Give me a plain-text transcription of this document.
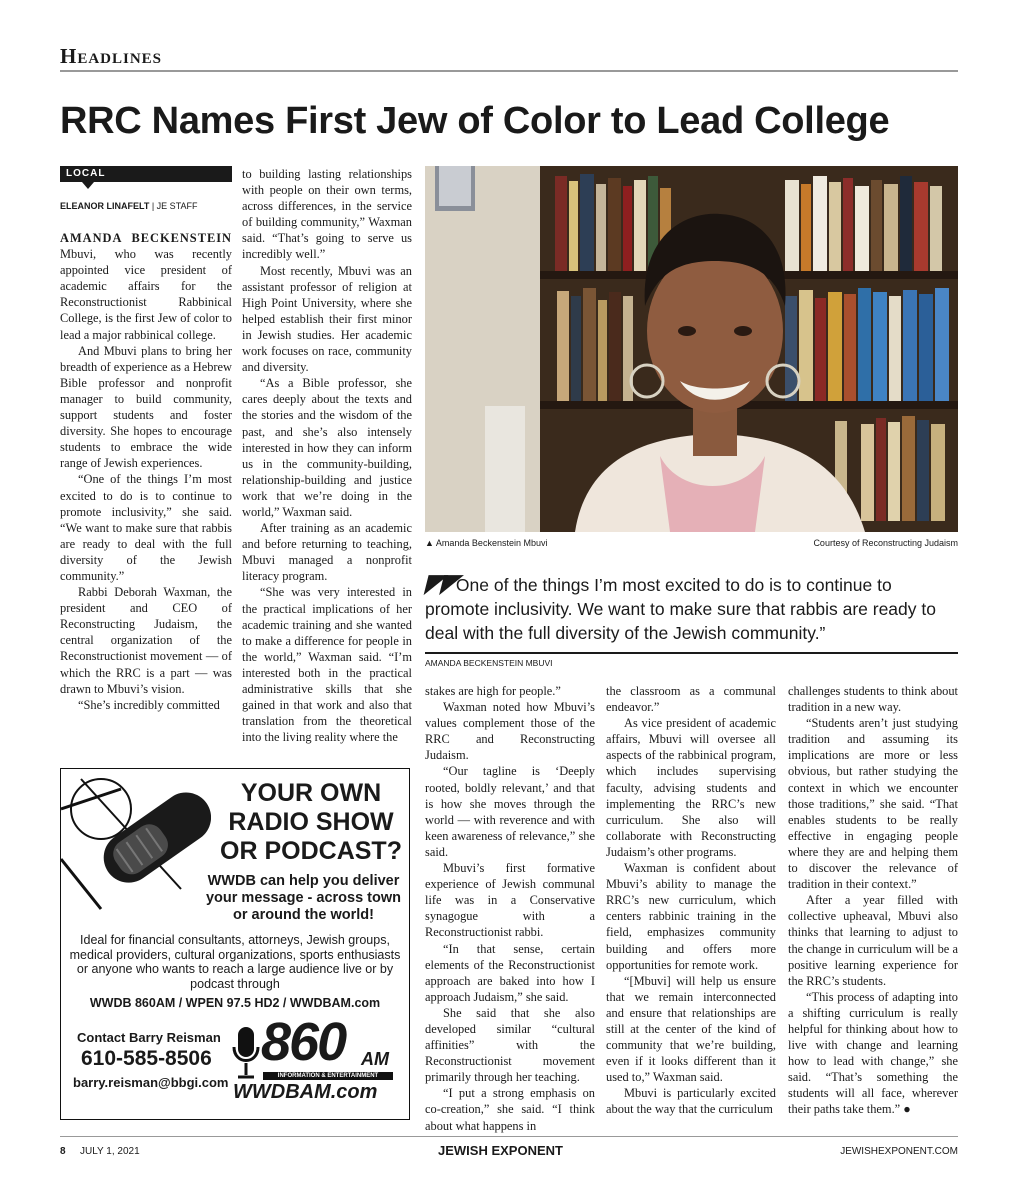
Headlines
RRC Names First Jew of Color to Lead College
LOCAL
ELEANOR LINAFELT | JE STAFF

AMANDA BECKENSTEIN Mbuvi, who was recently appointed vice president of academic affairs for the Reconstructionist Rabbinical College, is the first Jew of color to lead a major rabbinical college.

And Mbuvi plans to bring her breadth of experience as a Hebrew Bible professor and nonprofit manager to build community, support students and foster diversity. She hopes to encourage students to embrace the wide range of Jewish experiences.

“One of the things I’m most excited to do is to continue to promote inclusivity,” she said. “We want to make sure that rabbis are ready to deal with the full diversity of the Jewish community.”

Rabbi Deborah Waxman, the president and CEO of Reconstructing Judaism, the central organization of the Reconstructionist movement — of which the RRC is a part — was drawn to Mbuvi’s vision.

“She’s incredibly committed

to building lasting relationships with people on their own terms, across differences, in the service of building community,” Waxman said. “That’s going to serve us incredibly well.”

Most recently, Mbuvi was an assistant professor of religion at High Point University, where she helped establish their first minor in Jewish studies. Her academic work focuses on race, community and diversity.

“As a Bible professor, she cares deeply about the texts and the stories and the wisdom of the past, and she’s also intensely interested in how they can inform us in the community-building, relationship-building and justice work that we’re doing in the world,” Waxman said.

After training as an academic and before returning to teaching, Mbuvi managed a nonprofit literacy program.

“She was very interested in the practical implications of her academic training and she wanted to make a difference for people in the world,” Waxman said. “I’m interested both in the practical administrative skills that she gained in that work and also that translation from the theoretical into the living reality where the

▲ Amanda Beckenstein Mbuvi	Courtesy of Reconstructing Judaism
◤◤One of the things I’m most excited to do is to continue to promote inclusivity. We want to make sure that rabbis are ready to deal with the full diversity of the Jewish community.”
AMANDA BECKENSTEIN MBUVI

stakes are high for people.”

Waxman noted how Mbuvi’s values complement those of the RRC and Reconstructing Judaism.

“Our tagline is ‘Deeply rooted, boldly relevant,’ and that is how she moves through the world — with reverence and with keen awareness of relevance,” she said.

Mbuvi’s first formative experience of Jewish communal life was in a Conservative synagogue with a Reconstructionist rabbi.

“In that sense, certain elements of the Reconstructionist approach are baked into how I approach Judaism,” she said.

She said that she also developed similar “cultural affinities” with the Reconstructionist movement primarily through her teaching.

“I put a strong emphasis on co-creation,” she said. “I think about what happens in

the classroom as a communal endeavor.”

As vice president of academic affairs, Mbuvi will oversee all aspects of the rabbinical program, which includes supervising faculty, advising students and implementing the RRC’s new curriculum. She also will collaborate with Reconstructing Judaism’s other programs.

Waxman is confident about Mbuvi’s ability to manage the RRC’s new curriculum, which centers rabbinic training in the field, emphasizes community building and offers more opportunities for remote work.

“[Mbuvi] will help us ensure that we remain interconnected and ensure that relationships are still at the center of the kind of community that we’re building, even if it looks different than it used to,” Waxman said.

Mbuvi is particularly excited about the way that the curriculum

challenges students to think about tradition in a new way.

“Students aren’t just studying tradition and assuming its implications are more or less obvious, but rather studying the context in which we encounter those traditions,” she said. “That enables students to be really effective in engaging people where they are and helping them to discover the relevance of tradition in their context.”

After a year filled with collective upheaval, Mbuvi also thinks that learning to adjust to the change in curriculum will be a positive learning experience for the RRC’s students.

“This process of adapting into a shifting curriculum is really helpful for thinking about how to live with change and learning how to lead with change,” she said. “That’s something the students will all face, wherever their paths take them.” ●

YOUR OWN
RADIO SHOW
OR PODCAST?
WWDB can help you deliver your message - across town or around the world!
Ideal for financial consultants, attorneys, Jewish groups, medical providers, cultural organizations, sports enthusiasts or anyone who wants to reach a large audience live or by podcast through
WWDB 860AM / WPEN 97.5 HD2 / WWDBAM.com
Contact Barry Reisman
610-585-8506
barry.reisman@bbgi.com
860 AM
INFORMATION & ENTERTAINMENT
WWDBAM.com
8 JULY 1, 2021	JEWISH EXPONENT	JEWISHEXPONENT.COM
